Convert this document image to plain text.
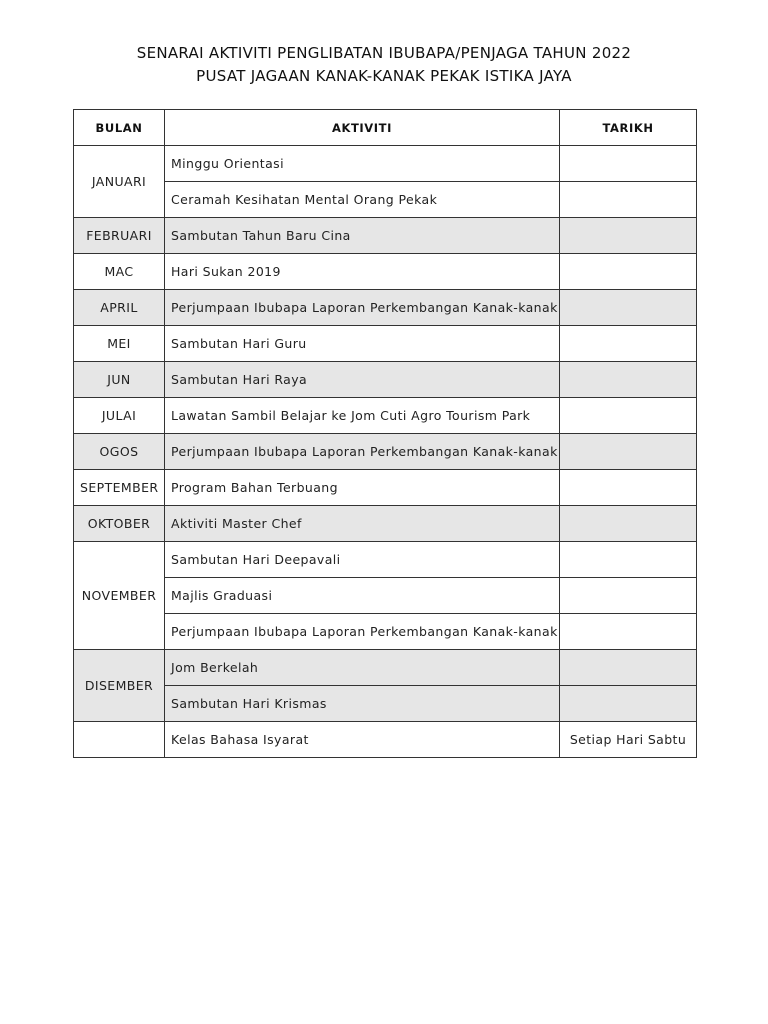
SENARAI AKTIVITI PENGLIBATAN IBUBAPA/PENJAGA TAHUN 2022
PUSAT JAGAAN KANAK-KANAK PEKAK ISTIKA JAYA
BULAN	AKTIVITI	TARIKH
JANUARI	Minggu Orientasi	
	Ceramah Kesihatan Mental Orang Pekak	
FEBRUARI	Sambutan Tahun Baru Cina	
MAC	Hari Sukan 2019	
APRIL	Perjumpaan Ibubapa Laporan Perkembangan Kanak-kanak	
MEI	Sambutan Hari Guru	
JUN	Sambutan Hari Raya	
JULAI	Lawatan Sambil Belajar ke Jom Cuti Agro Tourism Park	
OGOS	Perjumpaan Ibubapa Laporan Perkembangan Kanak-kanak	
SEPTEMBER	Program Bahan Terbuang	
OKTOBER	Aktiviti Master Chef	
NOVEMBER	Sambutan Hari Deepavali	
	Majlis Graduasi	
	Perjumpaan Ibubapa Laporan Perkembangan Kanak-kanak	
DISEMBER	Jom Berkelah	
	Sambutan Hari Krismas	
	Kelas Bahasa Isyarat	Setiap Hari Sabtu
